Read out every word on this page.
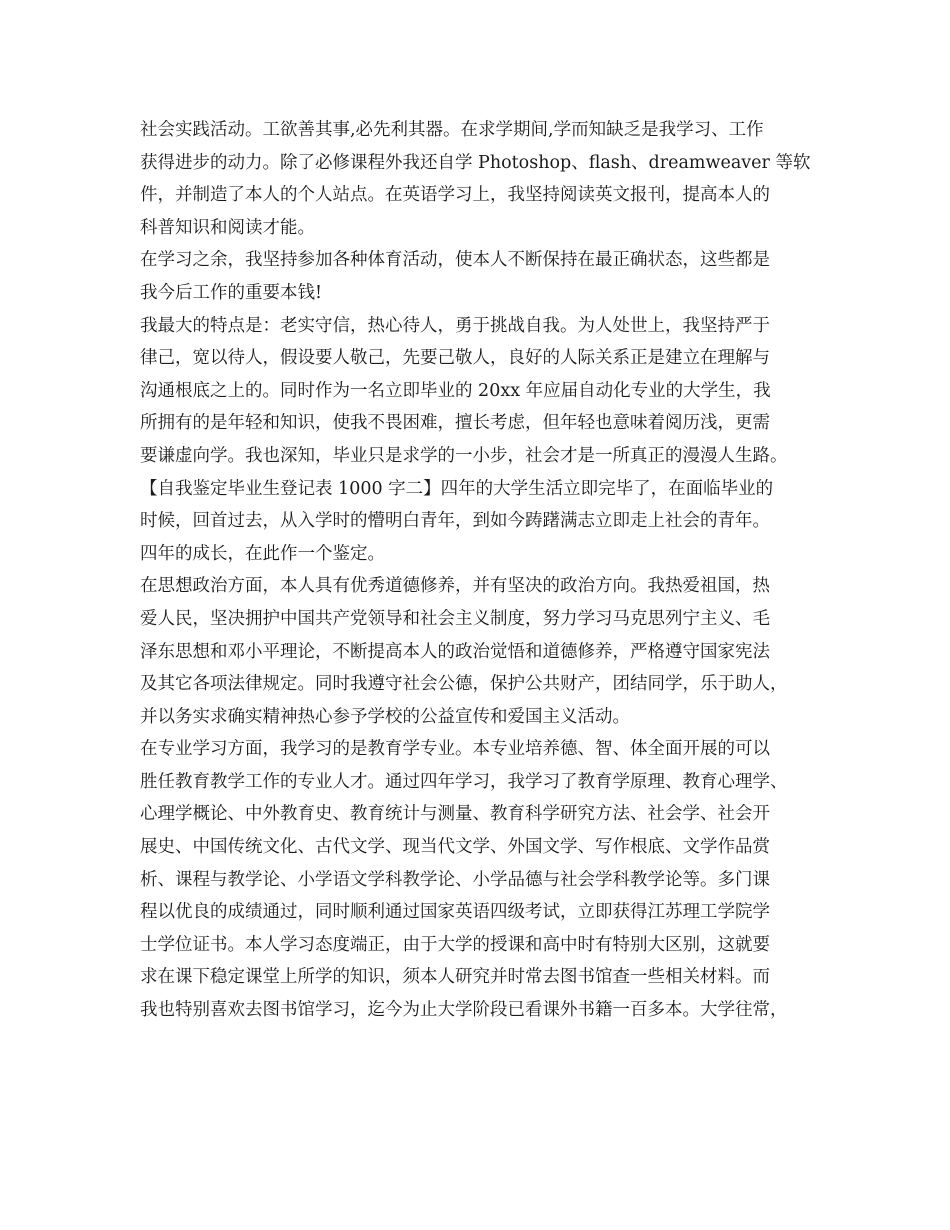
社会实践活动。工欲善其事,必先利其器。在求学期间,学而知缺乏是我学习、工作
获得进步的动力。除了必修课程外我还自学 Photoshop、flash、dreamweaver 等软
件，并制造了本人的个人站点。在英语学习上，我坚持阅读英文报刊，提高本人的
科普知识和阅读才能。
在学习之余，我坚持参加各种体育活动，使本人不断保持在最正确状态，这些都是
我今后工作的重要本钱!
我最大的特点是：老实守信，热心待人，勇于挑战自我。为人处世上，我坚持严于
律己，宽以待人，假设要人敬己，先要己敬人，良好的人际关系正是建立在理解与
沟通根底之上的。同时作为一名立即毕业的 20xx 年应届自动化专业的大学生，我
所拥有的是年轻和知识，使我不畏困难，擅长考虑，但年轻也意味着阅历浅，更需
要谦虚向学。我也深知，毕业只是求学的一小步，社会才是一所真正的漫漫人生路。
【自我鉴定毕业生登记表 1000 字二】四年的大学生活立即完毕了，在面临毕业的
时候，回首过去，从入学时的懵明白青年，到如今踌躇满志立即走上社会的青年。
四年的成长，在此作一个鉴定。
在思想政治方面，本人具有优秀道德修养，并有坚决的政治方向。我热爱祖国，热
爱人民，坚决拥护中国共产党领导和社会主义制度，努力学习马克思列宁主义、毛
泽东思想和邓小平理论，不断提高本人的政治觉悟和道德修养，严格遵守国家宪法
及其它各项法律规定。同时我遵守社会公德，保护公共财产，团结同学，乐于助人，
并以务实求确实精神热心参予学校的公益宣传和爱国主义活动。
在专业学习方面，我学习的是教育学专业。本专业培养德、智、体全面开展的可以
胜任教育教学工作的专业人才。通过四年学习，我学习了教育学原理、教育心理学、
心理学概论、中外教育史、教育统计与测量、教育科学研究方法、社会学、社会开
展史、中国传统文化、古代文学、现当代文学、外国文学、写作根底、文学作品赏
析、课程与教学论、小学语文学科教学论、小学品德与社会学科教学论等。多门课
程以优良的成绩通过，同时顺利通过国家英语四级考试，立即获得江苏理工学院学
士学位证书。本人学习态度端正，由于大学的授课和高中时有特别大区别，这就要
求在课下稳定课堂上所学的知识，须本人研究并时常去图书馆查一些相关材料。而
我也特别喜欢去图书馆学习，迄今为止大学阶段已看课外书籍一百多本。大学往常，
